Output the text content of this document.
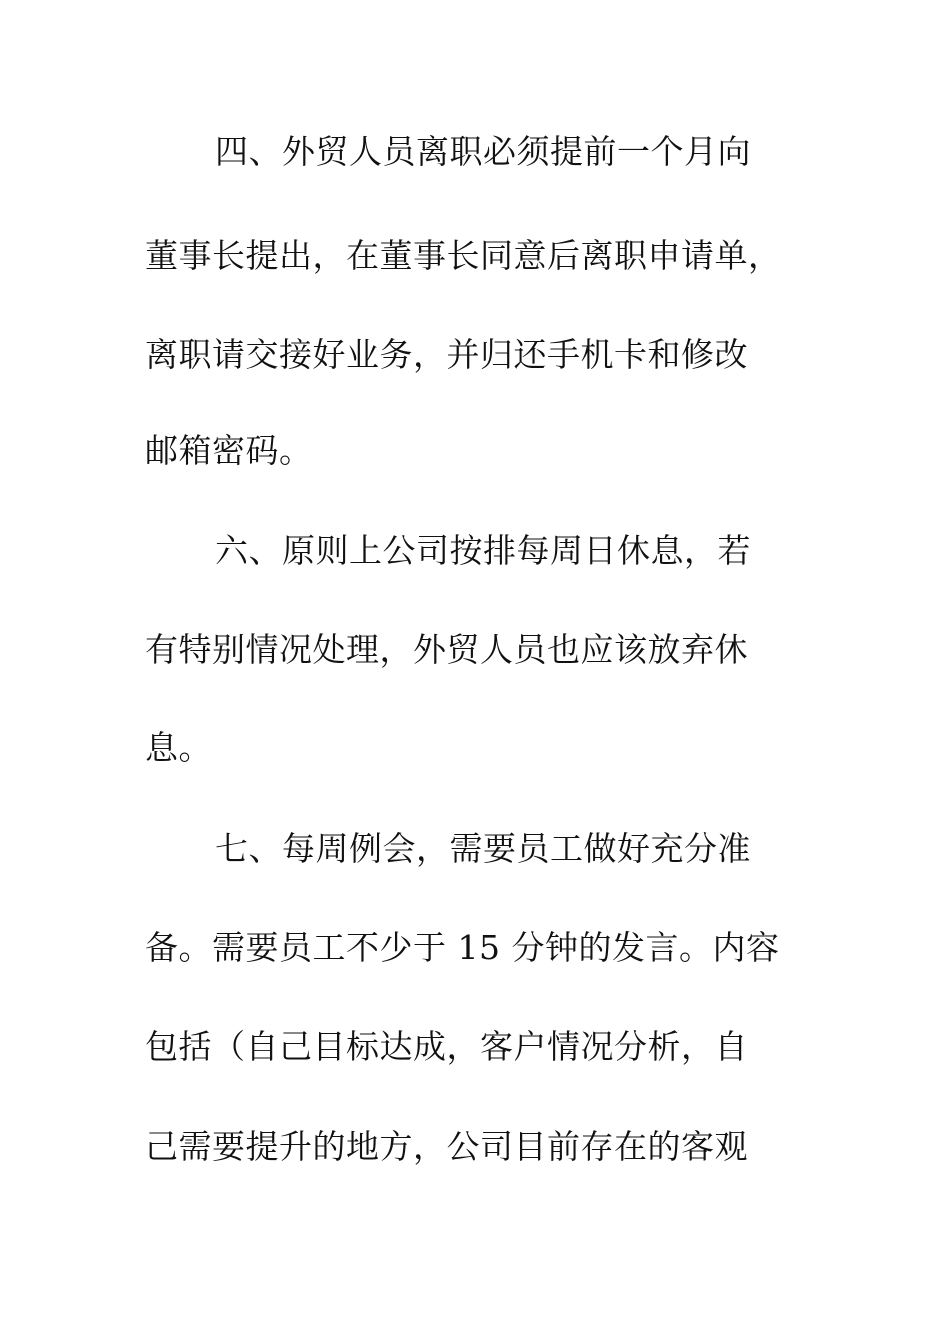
四、外贸人员离职必须提前一个月向
董事长提出，在董事长同意后离职申请单，
离职请交接好业务，并归还手机卡和修改
邮箱密码。
六、原则上公司按排每周日休息，若
有特别情况处理，外贸人员也应该放弃休
息。
七、每周例会，需要员工做好充分准
备。需要员工不少于 15 分钟的发言。内容
包括（自己目标达成，客户情况分析，自
己需要提升的地方，公司目前存在的客观
